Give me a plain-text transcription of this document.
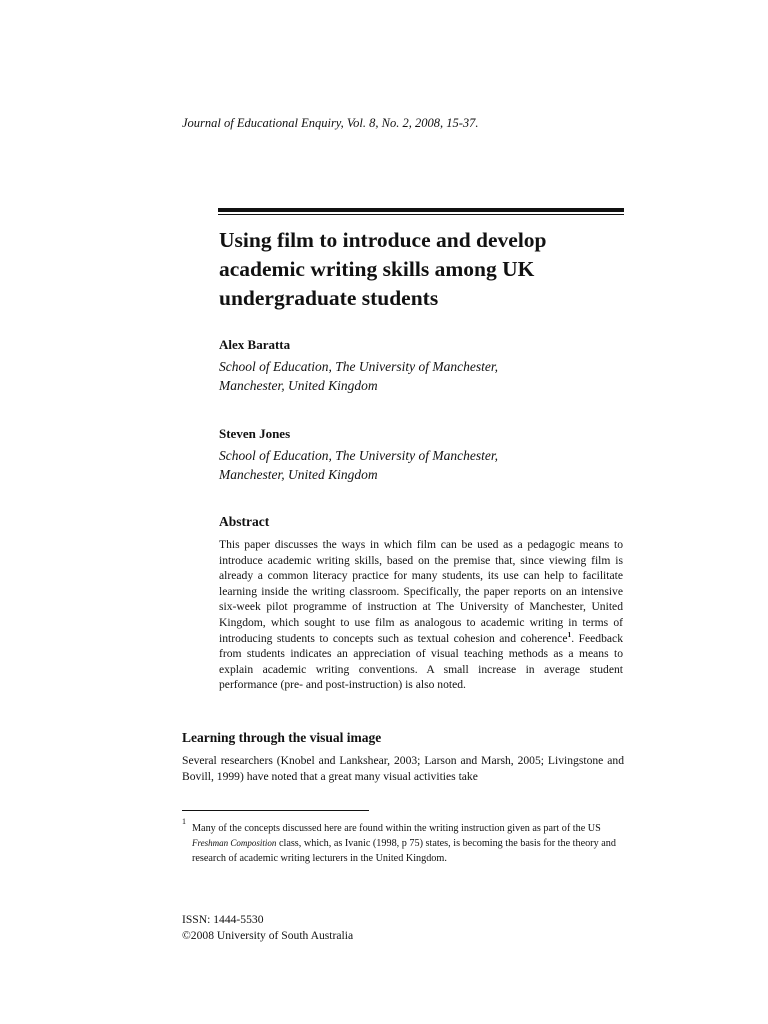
Journal of Educational Enquiry, Vol. 8, No. 2, 2008, 15-37.
Using film to introduce and develop
academic writing skills among UK
undergraduate students
Alex Baratta
School of Education, The University of Manchester,
Manchester, United Kingdom
Steven Jones
School of Education, The University of Manchester,
Manchester, United Kingdom
Abstract
This paper discusses the ways in which film can be used as a pedagogic means to introduce academic writing skills, based on the premise that, since viewing film is already a common literacy practice for many students, its use can help to facilitate learning inside the writing classroom. Specifically, the paper reports on an intensive six-week pilot programme of instruction at The University of Manchester, United Kingdom, which sought to use film as analogous to academic writing in terms of introducing students to concepts such as textual cohesion and coherence$^1$. Feedback from students indicates an appreciation of visual teaching methods as a means to explain academic writing conventions. A small increase in average student performance (pre- and post-instruction) is also noted.
Learning through the visual image
Several researchers (Knobel and Lankshear, 2003; Larson and Marsh, 2005; Livingstone and Bovill, 1999) have noted that a great many visual activities take
1
Many of the concepts discussed here are found within the writing instruction given as part of the US Freshman Composition class, which, as Ivanic (1998, p 75) states, is becoming the basis for the theory and research of academic writing lecturers in the United Kingdom.
ISSN: 1444-5530
©2008 University of South Australia
